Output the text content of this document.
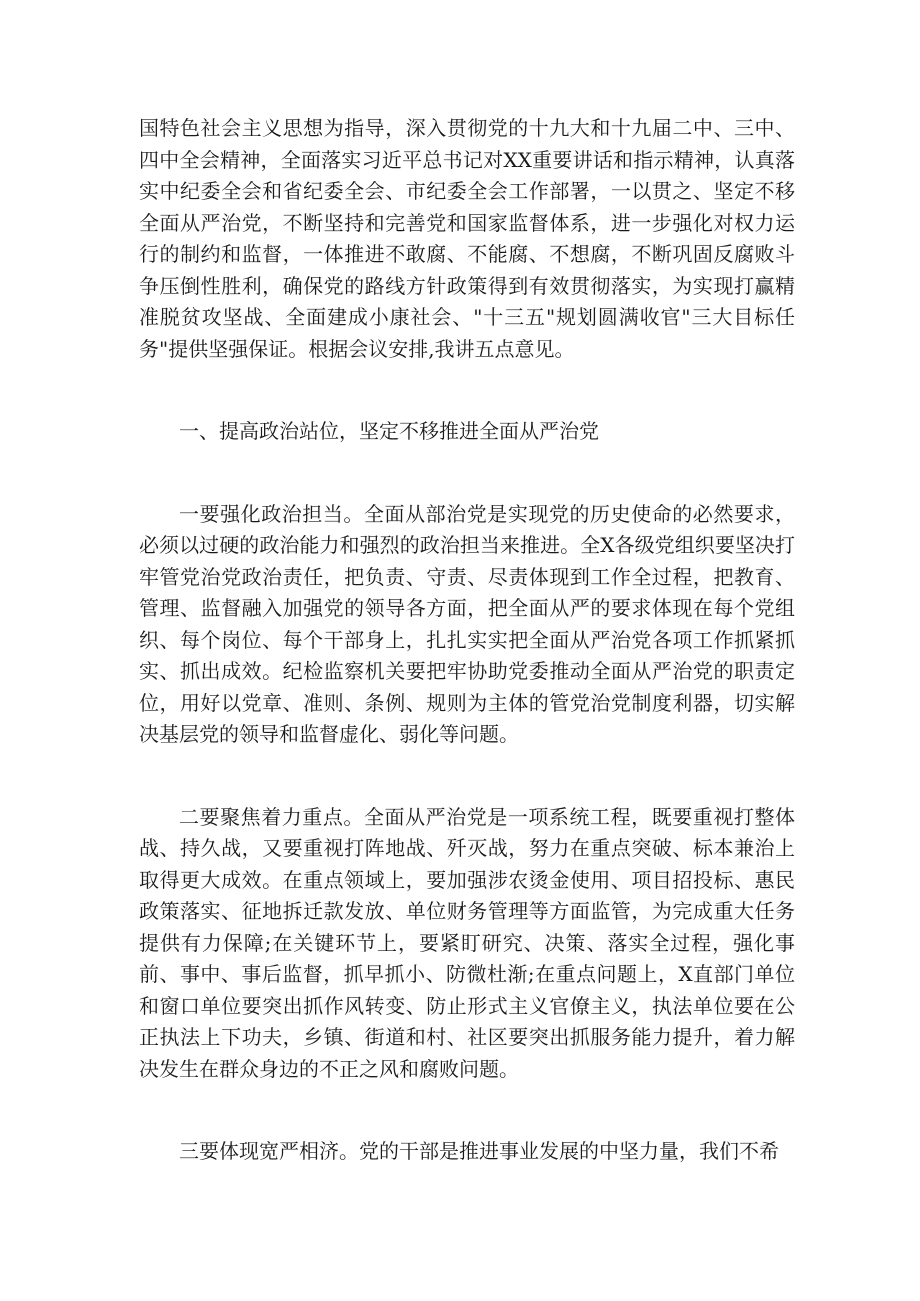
国特色社会主义思想为指导，深入贯彻党的十九大和十九届二中、三中、四中全会精神，全面落实习近平总书记对XX重要讲话和指示精神，认真落实中纪委全会和省纪委全会、市纪委全会工作部署，一以贯之、坚定不移全面从严治党，不断坚持和完善党和国家监督体系，进一步强化对权力运行的制约和监督，一体推进不敢腐、不能腐、不想腐，不断巩固反腐败斗争压倒性胜利，确保党的路线方针政策得到有效贯彻落实，为实现打赢精准脱贫攻坚战、全面建成小康社会、"十三五"规划圆满收官"三大目标任务"提供坚强保证。根据会议安排,我讲五点意见。

一、提高政治站位，坚定不移推进全面从严治党

一要强化政治担当。全面从部治党是实现党的历史使命的必然要求，必须以过硬的政治能力和强烈的政治担当来推进。全X各级党组织要坚决打牢管党治党政治责任，把负责、守责、尽责体现到工作全过程，把教育、管理、监督融入加强党的领导各方面，把全面从严的要求体现在每个党组织、每个岗位、每个干部身上，扎扎实实把全面从严治党各项工作抓紧抓实、抓出成效。纪检监察机关要把牢协助党委推动全面从严治党的职责定位，用好以党章、准则、条例、规则为主体的管党治党制度利器，切实解决基层党的领导和监督虚化、弱化等问题。

二要聚焦着力重点。全面从严治党是一项系统工程，既要重视打整体战、持久战，又要重视打阵地战、歼灭战，努力在重点突破、标本兼治上取得更大成效。在重点领域上，要加强涉农烫金使用、项目招投标、惠民政策落实、征地拆迁款发放、单位财务管理等方面监管，为完成重大任务提供有力保障;在关键环节上，要紧盯研究、决策、落实全过程，强化事前、事中、事后监督，抓早抓小、防微杜渐;在重点问题上，X直部门单位和窗口单位要突出抓作风转变、防止形式主义官僚主义，执法单位要在公正执法上下功夫，乡镇、街道和村、社区要突出抓服务能力提升，着力解决发生在群众身边的不正之风和腐败问题。

三要体现宽严相济。党的干部是推进事业发展的中坚力量，我们不希
